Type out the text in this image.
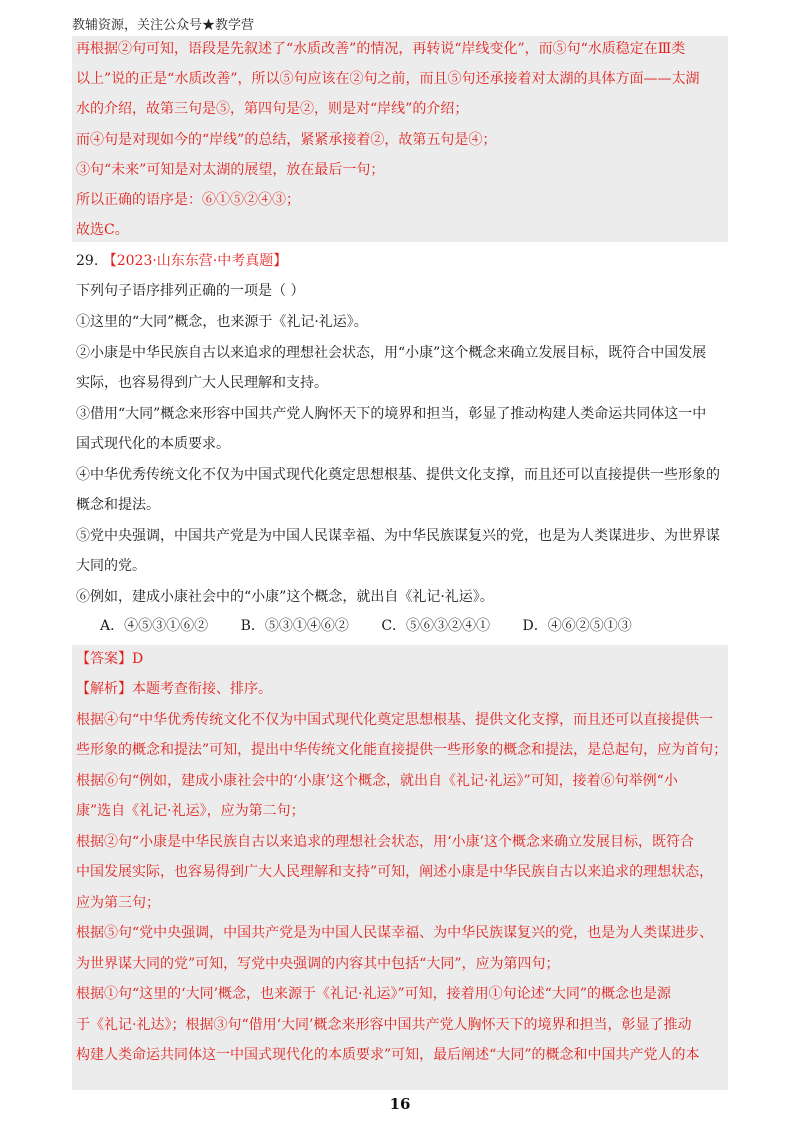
教辅资源，关注公众号★教学营
再根据②句可知，语段是先叙述了“水质改善”的情况，再转说“岸线变化”，而⑤句“水质稳定在Ⅲ类
以上”说的正是“水质改善”，所以⑤句应该在②句之前，而且⑤句还承接着对太湖的具体方面——太湖
水的介绍，故第三句是⑤，第四句是②，则是对“岸线”的介绍；
而④句是对现如今的“岸线”的总结，紧紧承接着②，故第五句是④；
③句“未来”可知是对太湖的展望，放在最后一句；
所以正确的语序是：⑥①⑤②④③；
故选C。
29. 【2023·山东东营·中考真题】
下列句子语序排列正确的一项是（ ）
①这里的“大同”概念，也来源于《礼记·礼运》。
②小康是中华民族自古以来追求的理想社会状态，用“小康”这个概念来确立发展目标，既符合中国发展
实际，也容易得到广大人民理解和支持。
③借用“大同”概念来形容中国共产党人胸怀天下的境界和担当，彰显了推动构建人类命运共同体这一中
国式现代化的本质要求。
④中华优秀传统文化不仅为中国式现代化奠定思想根基、提供文化支撑，而且还可以直接提供一些形象的
概念和提法。
⑤党中央强调，中国共产党是为中国人民谋幸福、为中华民族谋复兴的党，也是为人类谋进步、为世界谋
大同的党。
⑥例如，建成小康社会中的“小康”这个概念，就出自《礼记·礼运》。
A．④⑤③①⑥② B．⑤③①④⑥② C．⑤⑥③②④① D．④⑥②⑤①③
【答案】D
【解析】本题考查衔接、排序。
根据④句“中华优秀传统文化不仅为中国式现代化奠定思想根基、提供文化支撑，而且还可以直接提供一
些形象的概念和提法”可知，提出中华传统文化能直接提供一些形象的概念和提法，是总起句，应为首句；
根据⑥句“例如，建成小康社会中的‘小康’这个概念，就出自《礼记·礼运》”可知，接着⑥句举例“小
康”选自《礼记·礼运》，应为第二句；
根据②句“小康是中华民族自古以来追求的理想社会状态，用‘小康’这个概念来确立发展目标，既符合
中国发展实际，也容易得到广大人民理解和支持”可知，阐述小康是中华民族自古以来追求的理想状态，
应为第三句；
根据⑤句“党中央强调，中国共产党是为中国人民谋幸福、为中华民族谋复兴的党，也是为人类谋进步、
为世界谋大同的党”可知，写党中央强调的内容其中包括“大同”，应为第四句；
根据①句“这里的‘大同’概念，也来源于《礼记·礼运》”可知，接着用①句论述“大同”的概念也是源
于《礼记·礼达》；根据③句“借用‘大同’概念来形容中国共产党人胸怀天下的境界和担当，彰显了推动
构建人类命运共同体这一中国式现代化的本质要求”可知，最后阐述“大同”的概念和中国共产党人的本
16
